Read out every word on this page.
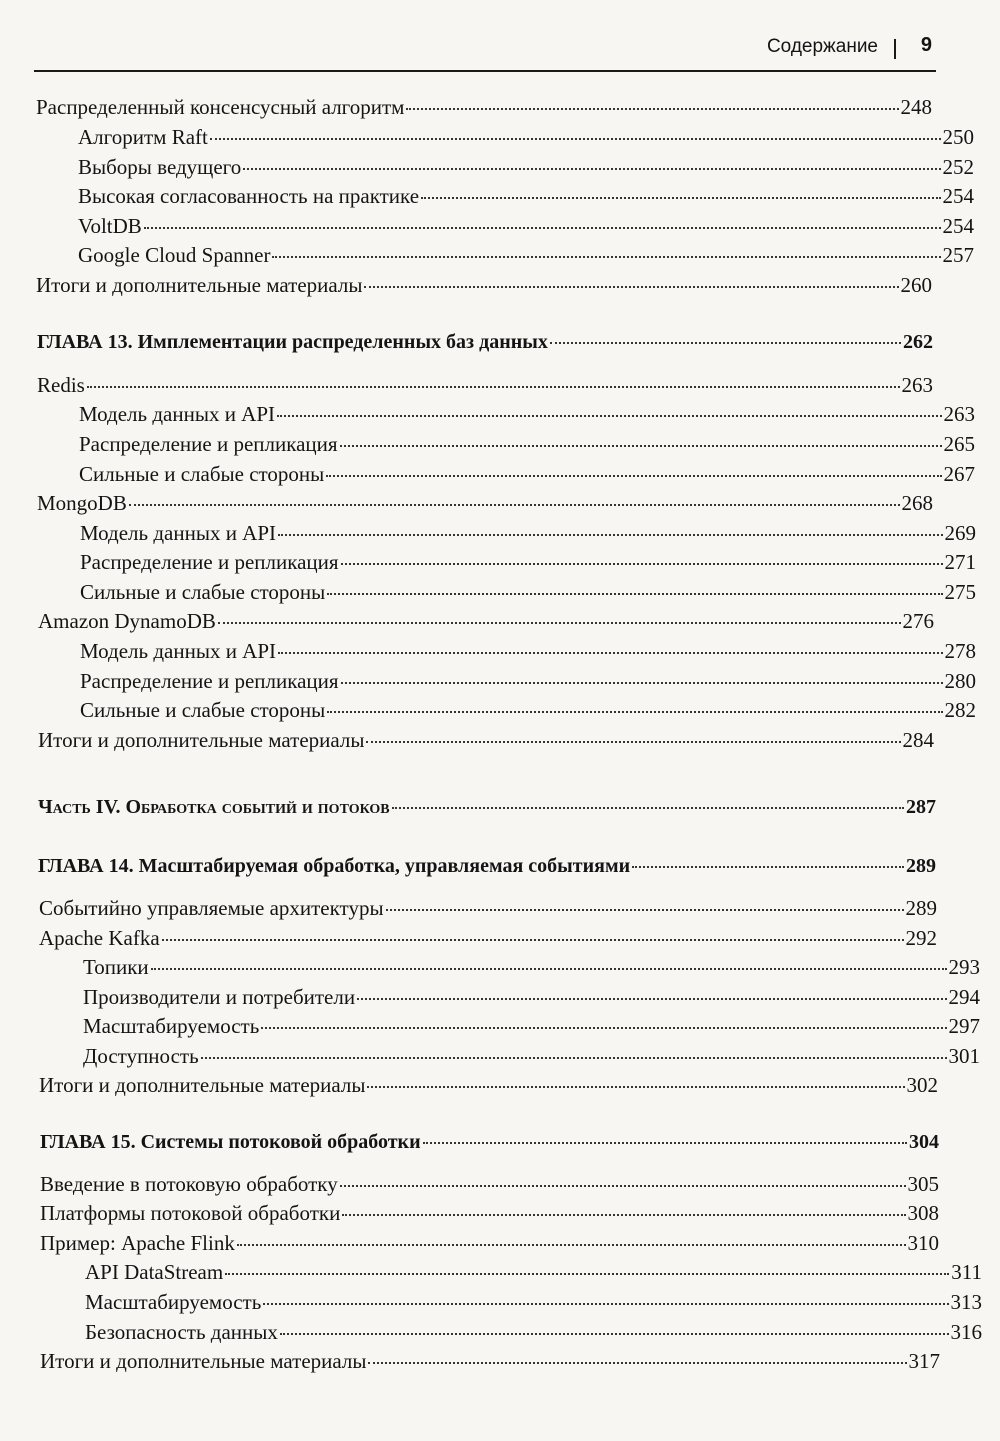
Содержание 9
Распределенный консенсусный алгоритм	248
Алгоритм Raft	250
Выборы ведущего	252
Высокая согласованность на практике	254
VoltDB	254
Google Cloud Spanner	257
Итоги и дополнительные материалы	260
ГЛАВА 13. Имплементации распределенных баз данных	262
Redis	263
Модель данных и API	263
Распределение и репликация	265
Сильные и слабые стороны	267
MongoDB	268
Модель данных и API	269
Распределение и репликация	271
Сильные и слабые стороны	275
Amazon DynamoDB	276
Модель данных и API	278
Распределение и репликация	280
Сильные и слабые стороны	282
Итоги и дополнительные материалы	284
Часть IV. Обработка событий и потоков	287
ГЛАВА 14. Масштабируемая обработка, управляемая событиями	289
Событийно управляемые архитектуры	289
Apache Kafka	292
Топики	293
Производители и потребители	294
Масштабируемость	297
Доступность	301
Итоги и дополнительные материалы	302
ГЛАВА 15. Системы потоковой обработки	304
Введение в потоковую обработку	305
Платформы потоковой обработки	308
Пример: Apache Flink	310
API DataStream	311
Масштабируемость	313
Безопасность данных	316
Итоги и дополнительные материалы	317
